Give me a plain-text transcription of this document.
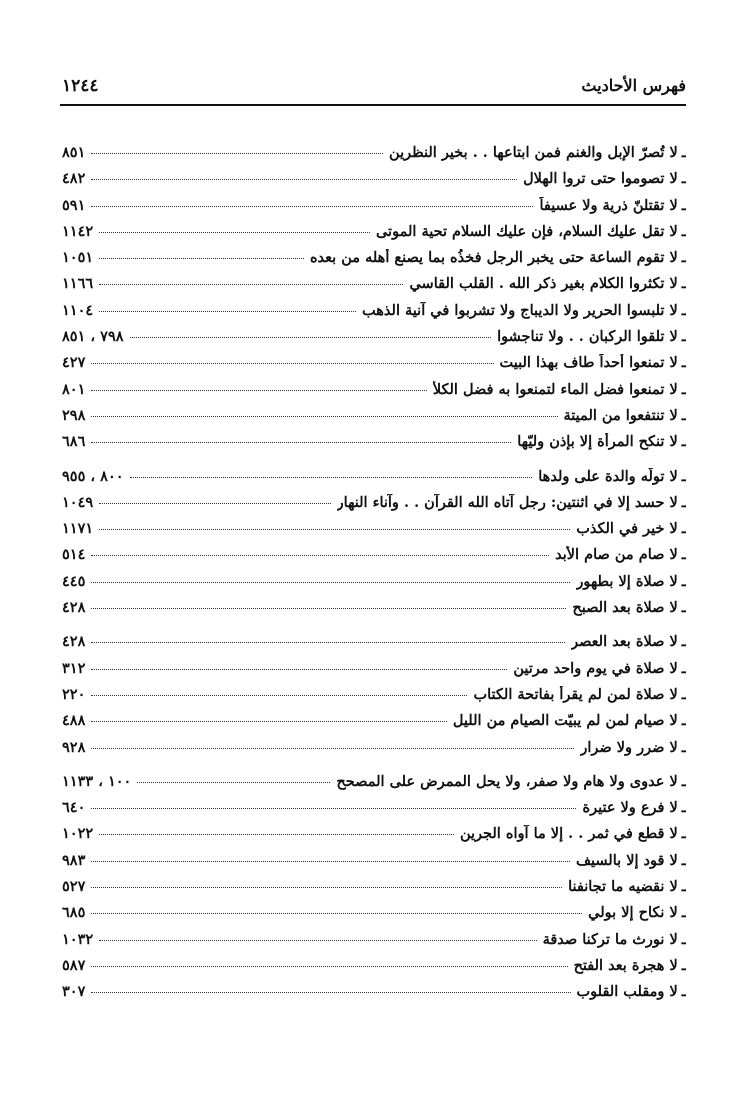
فهرس الأحاديث
١٢٤٤
ـ
لا تُصرّ الإبل والغنم فمن ابتاعها . . بخير النظرين
٨٥١
ـ
لا تصوموا حتى تروا الهلال
٤٨٢
ـ
لا تقتلنّ ذرية ولا عسيفاً
٥٩١
ـ
لا تقل عليك السلام، فإن عليك السلام تحية الموتى
١١٤٢
ـ
لا تقوم الساعة حتى يخبر الرجل فخذُه بما يصنع أهله من بعده
١٠٥١
ـ
لا تكثروا الكلام بغير ذكر الله . القلب القاسي
١١٦٦
ـ
لا تلبسوا الحرير ولا الديباج ولا تشربوا في آنية الذهب
١١٠٤
ـ
لا تلقوا الركبان . . ولا تناجشوا
٧٩٨ ، ٨٥١
ـ
لا تمنعوا أحداً طاف بهذا البيت
٤٢٧
ـ
لا تمنعوا فضل الماء لتمنعوا به فضل الكلأ
٨٠١
ـ
لا تنتفعوا من الميتة
٢٩٨
ـ
لا تنكح المرأة إلا بإذن وليّها
٦٨٦
ـ
لا تولّه والدة على ولدها
٨٠٠ ، ٩٥٥
ـ
لا حسد إلا في اثنتين: رجل آتاه الله القرآن . . وآناء النهار
١٠٤٩
ـ
لا خير في الكذب
١١٧١
ـ
لا صام من صام الأبد
٥١٤
ـ
لا صلاة إلا بطهور
٤٤٥
ـ
لا صلاة بعد الصبح
٤٢٨
ـ
لا صلاة بعد العصر
٤٢٨
ـ
لا صلاة في يوم واحد مرتين
٣١٢
ـ
لا صلاة لمن لم يقرأ بفاتحة الكتاب
٢٢٠
ـ
لا صيام لمن لم يبيّت الصيام من الليل
٤٨٨
ـ
لا ضرر ولا ضرار
٩٢٨
ـ
لا عدوى ولا هام ولا صفر، ولا يحل الممرض على المصحح
١٠٠ ، ١١٣٣
ـ
لا فرع ولا عتيرة
٦٤٠
ـ
لا قطع في ثمر . . إلا ما آواه الجرين
١٠٢٢
ـ
لا قود إلا بالسيف
٩٨٣
ـ
لا نقضيه ما تجانفنا
٥٢٧
ـ
لا نكاح إلا بولي
٦٨٥
ـ
لا نورث ما تركنا صدقة
١٠٣٢
ـ
لا هجرة بعد الفتح
٥٨٧
ـ
لا ومقلب القلوب
٣٠٧
